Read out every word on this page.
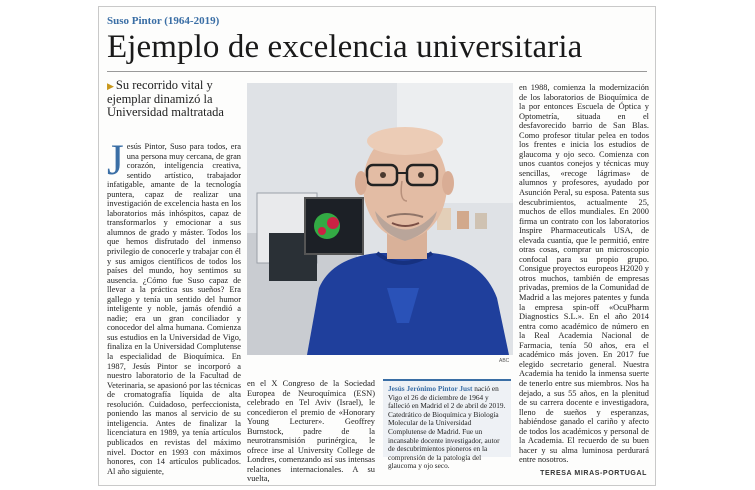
Suso Pintor (1964-2019)
Ejemplo de excelencia universitaria
▶ Su recorrido vital y ejemplar dinamizó la Universidad maltratada
J esús Pintor, Suso para todos, era una persona muy cercana, de gran corazón, inteligencia creativa, sentido artístico, trabajador infatigable, amante de la tecnología puntera, capaz de realizar una investigación de excelencia hasta en los laboratorios más inhóspitos, capaz de transformarlos y emocionar a sus alumnos de grado y máster. Todos los que hemos disfrutado del inmenso privilegio de conocerle y trabajar con él y sus amigos científicos de todos los países del mundo, hoy sentimos su ausencia. ¿Cómo fue Suso capaz de llevar a la práctica sus sueños? Era gallego y tenía un sentido del humor inteligente y noble, jamás ofendió a nadie; era un gran conciliador y conocedor del alma humana. Comienza sus estudios en la Universidad de Vigo, finaliza en la Universidad Complutense la especialidad de Bioquímica. En 1987, Jesús Pintor se incorporó a nuestro laboratorio de la Facultad de Veterinaria, se apasionó por las técnicas de cromatografía líquida de alta resolución. Cuidadoso, perfeccionista, poniendo las manos al servicio de su inteligencia. Antes de finalizar la licenciatura en 1989, ya tenía artículos publicados en revistas del máximo nivel. Doctor en 1993 con máximos honores, con 14 artículos publicados. Al año siguiente,

ABC

en el X Congreso de la Sociedad Europea de Neuroquímica (ESN) celebrado en Tel Aviv (Israel), le concedieron el premio de «Honorary Young Lecturer». Geoffrey Burnstock, padre de la neurotransmisión purinérgica, le ofrece irse al University College de Londres, comenzando así sus intensas relaciones internacionales. A su vuelta,

Jesús Jerónimo Pintor Just nació en Vigo el 26 de diciembre de 1964 y falleció en Madrid el 2 de abril de 2019. Catedrático de Bioquímica y Biología Molecular de la Universidad Complutense de Madrid. Fue un incansable docente investigador, autor de descubrimientos pioneros en la comprensión de la patología del glaucoma y ojo seco.

en 1988, comienza la modernización de los laboratorios de Bioquímica de la por entonces Escuela de Óptica y Optometría, situada en el desfavorecido barrio de San Blas. Como profesor titular pelea en todos los frentes e inicia los estudios de glaucoma y ojo seco. Comienza con unos cuantos conejos y técnicas muy sencillas, «recoge lágrimas» de alumnos y profesores, ayudado por Asunción Peral, su esposa. Patenta sus descubrimientos, actualmente 25, muchos de ellos mundiales. En 2000 firma un contrato con los laboratorios Inspire Pharmaceuticals USA, de elevada cuantía, que le permitió, entre otras cosas, comprar un microscopio confocal para su propio grupo. Consigue proyectos europeos H2020 y otros muchos, también de empresas privadas, premios de la Comunidad de Madrid a las mejores patentes y funda la empresa spin-off «OcuPharm Diagnostics S.L.». En el año 2014 entra como académico de número en la Real Academia Nacional de Farmacia, tenía 50 años, era el académico más joven. En 2017 fue elegido secretario general. Nuestra Academia ha tenido la inmensa suerte de tenerlo entre sus miembros. Nos ha dejado, a sus 55 años, en la plenitud de su carrera docente e investigadora, lleno de sueños y esperanzas, habiéndose ganado el cariño y afecto de todos los académicos y personal de la Academia. El recuerdo de su buen hacer y su alma luminosa perdurará entre nosotros.

TERESA MIRAS-PORTUGAL
